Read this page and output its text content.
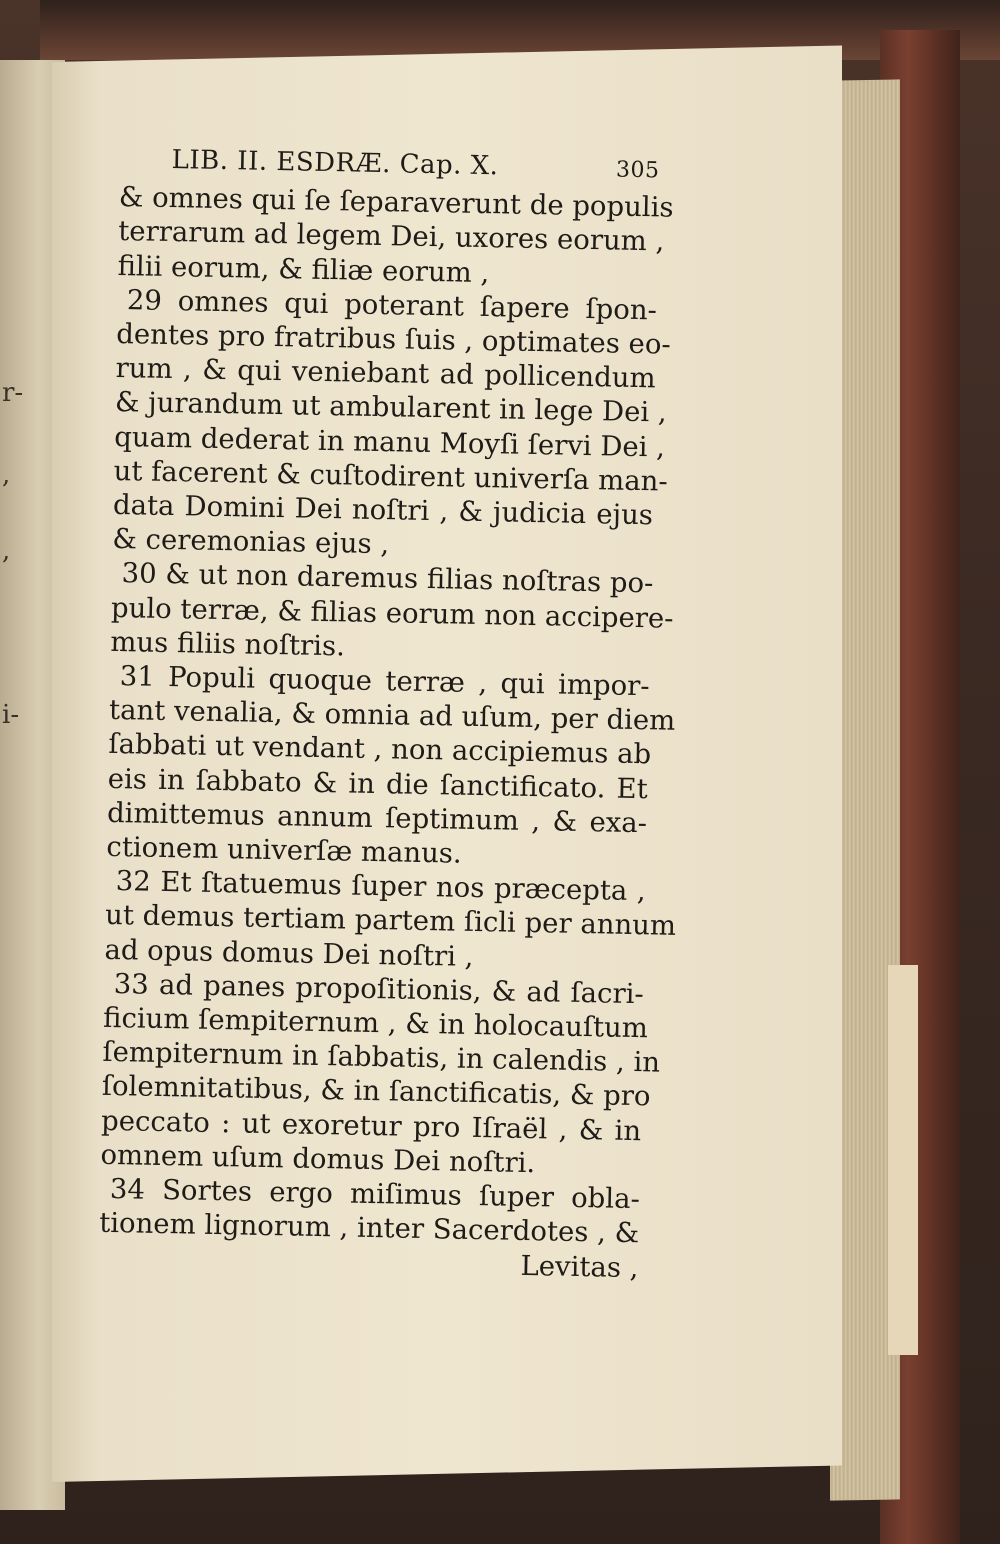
r-
,
,
i-
LIB. II. ESDRÆ. Cap. X.	305
& omnes qui ſe ſeparaverunt de populis
terrarum ad legem Dei, uxores eorum ,
filii eorum, & filiæ eorum ,
29 omnes qui poterant ſapere ſpon-
dentes pro fratribus ſuis , optimates eo-
rum , & qui veniebant ad pollicendum
& jurandum ut ambularent in lege Dei ,
quam dederat in manu Moyſi ſervi Dei ,
ut facerent & cuſtodirent univerſa man-
data Domini Dei noſtri , & judicia ejus
& ceremonias ejus ,
30 & ut non daremus filias noſtras po-
pulo terræ, & filias eorum non accipere-
mus filiis noſtris.
31 Populi quoque terræ , qui impor-
tant venalia, & omnia ad uſum, per diem
ſabbati ut vendant , non accipiemus ab
eis in ſabbato & in die ſanctificato. Et
dimittemus annum ſeptimum , & exa-
ctionem univerſæ manus.
32 Et ſtatuemus ſuper nos præcepta ,
ut demus tertiam partem ſicli per annum
ad opus domus Dei noſtri ,
33 ad panes propoſitionis, & ad ſacri-
ficium ſempiternum , & in holocauſtum
ſempiternum in ſabbatis, in calendis , in
ſolemnitatibus, & in ſanctificatis, & pro
peccato : ut exoretur pro Iſraël , & in
omnem uſum domus Dei noſtri.
34 Sortes ergo miſimus ſuper obla-
tionem lignorum , inter Sacerdotes , &
Levitas ,
